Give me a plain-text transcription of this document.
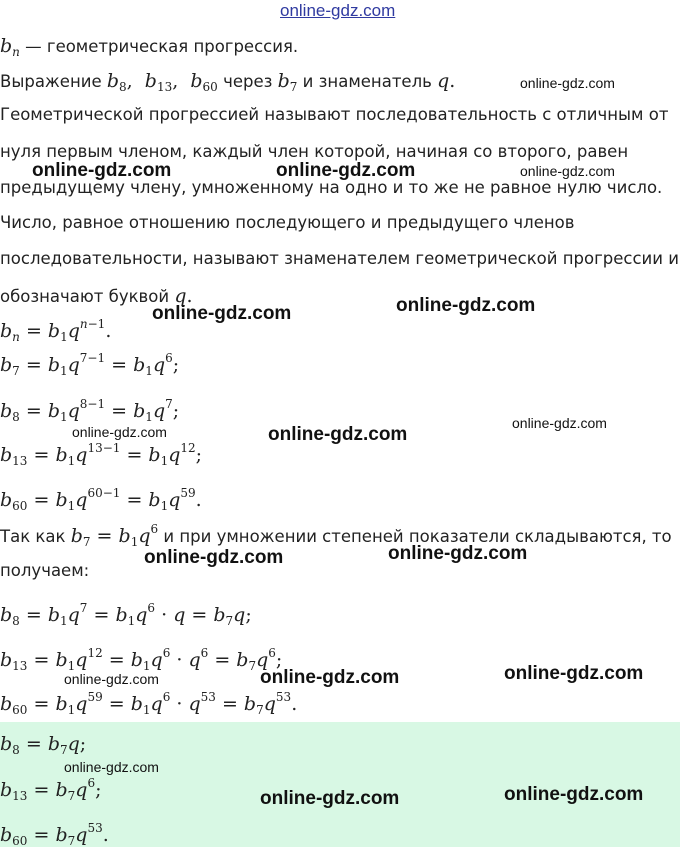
$b_n$ — геометрическая прогрессия.
Выражение $b_8$,  $b_{13}$,  $b_{60}$ через $b_7$ и знаменатель q.
Геометрической прогрессией называют последовательность с отличным от
нуля первым членом, каждый член которой, начиная со второго, равен
предыдущему члену, умноженному на одно и то же не равное нулю число.
Число, равное отношению последующего и предыдущего членов
последовательности, называют знаменателем геометрической прогрессии и
обозначают буквой q.
$b_n = b_1q^{n-1}$.
$b_7 = b_1q^{7-1} = b_1q^6$;
$b_8 = b_1q^{8-1} = b_1q^7$;
$b_{13} = b_1q^{13-1} = b_1q^{12}$;
$b_{60} = b_1q^{60-1} = b_1q^{59}$.
Так как $b_7 = b_1q^6$ и при умножении степеней показатели складываются, то
получаем:
$b_8 = b_1q^7 = b_1q^6 \cdot q = b_7q$;
$b_{13} = b_1q^{12} = b_1q^6 \cdot q^6 = b_7q^6$;
$b_{60} = b_1q^{59} = b_1q^6 \cdot q^{53} = b_7q^{53}$.
$b_8 = b_7q$;
$b_{13} = b_7q^6$;
$b_{60} = b_7q^{53}$.
online-gdz.com
online-gdz.com
online-gdz.com	online-gdz.com	online-gdz.com
online-gdz.com
online-gdz.com
online-gdz.com
online-gdz.com
online-gdz.com
online-gdz.com	online-gdz.com
online-gdz.com	online-gdz.com	online-gdz.com
online-gdz.com
online-gdz.com	online-gdz.com
